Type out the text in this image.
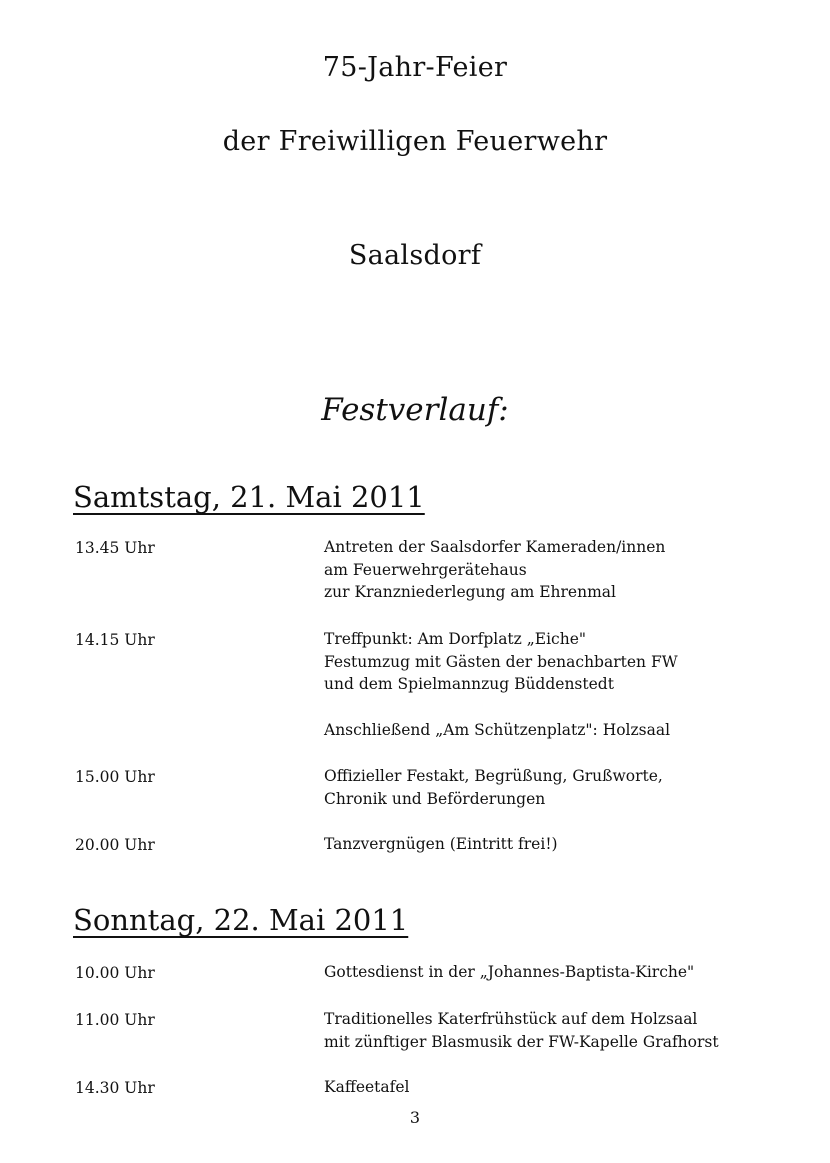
75-Jahr-Feier
der Freiwilligen Feuerwehr
Saalsdorf
Festverlauf:
Samtstag, 21. Mai 2011
13.45 Uhr	Antreten der Saalsdorfer Kameraden/innen
am Feuerwehrgerätehaus
zur Kranzniederlegung am Ehrenmal
14.15 Uhr	Treffpunkt: Am Dorfplatz „Eiche"
Festumzug mit Gästen der benachbarten FW
und dem Spielmannzug Büddenstedt
Anschließend „Am Schützenplatz": Holzsaal
15.00 Uhr	Offizieller Festakt, Begrüßung, Grußworte,
Chronik und Beförderungen
20.00 Uhr	Tanzvergnügen (Eintritt frei!)
Sonntag, 22. Mai 2011
10.00 Uhr	Gottesdienst in der „Johannes-Baptista-Kirche"
11.00 Uhr	Traditionelles Katerfrühstück auf dem Holzsaal
mit zünftiger Blasmusik der FW-Kapelle Grafhorst
14.30 Uhr	Kaffeetafel
3
